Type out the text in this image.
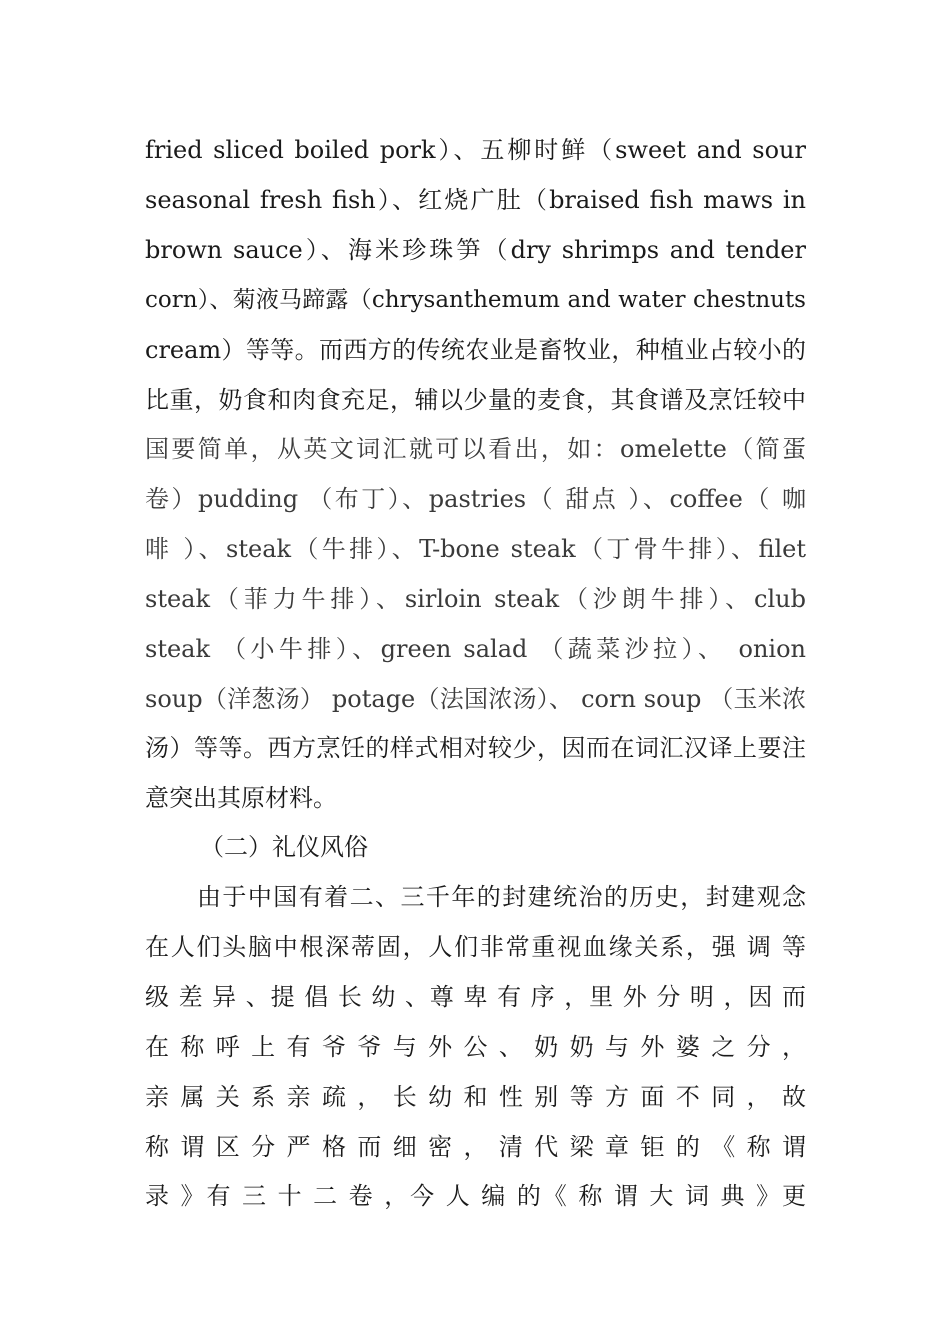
fried sliced boiled pork）、五柳时鲜（sweet and sour
seasonal fresh fish）、红烧广肚（braised fish maws in
brown sauce）、海米珍珠笋（dry shrimps and tender
corn）、菊液马蹄露（chrysanthemum and water chestnuts
cream）等等。而西方的传统农业是畜牧业，种植业占较小的
比重，奶食和肉食充足，辅以少量的麦食，其食谱及烹饪较中
国要简单，从英文词汇就可以看出，如：omelette（简蛋
卷）pudding （布丁）、pastries（ 甜点 ）、coffee（ 咖
啡 ）、steak（牛排）、T-bone steak（丁骨牛排）、filet
steak（菲力牛排）、sirloin steak（沙朗牛排）、club
steak （小牛排）、green salad （蔬菜沙拉）、 onion
soup（洋葱汤） potage（法国浓汤）、 corn soup （玉米浓
汤）等等。西方烹饪的样式相对较少，因而在词汇汉译上要注
意突出其原材料。
（二）礼仪风俗
由于中国有着二、三千年的封建统治的历史，封建观念
在人们头脑中根深蒂固，人们非常重视血缘关系，强 调 等
级 差 异 、提 倡 长 幼 、尊 卑 有 序 ，里 外 分 明 ，因 而
在 称 呼 上 有 爷 爷 与 外 公 、 奶 奶 与 外 婆 之 分 ，
亲 属 关 系 亲 疏 ， 长 幼 和 性 别 等 方 面 不 同 ， 故
称 谓 区 分 严 格 而 细 密 ， 清 代 梁 章 钜 的 《 称 谓
录 》有 三 十 二 卷 ，今 人 编 的《 称 谓 大 词 典 》更
